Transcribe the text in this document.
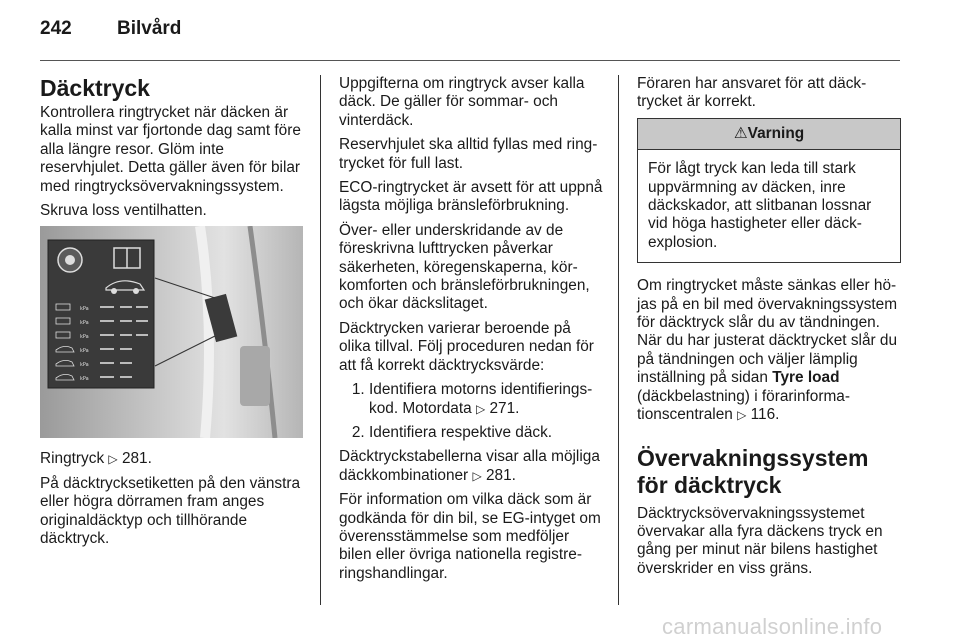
242 Bilvård
Däcktryck

Kontrollera ringtrycket när däcken är kalla minst var fjortonde dag samt före alla längre resor. Glöm inte reservhjulet. Detta gäller även för bilar med ringtrycksövervakningssystem.

Skruva loss ventilhatten.

kPa
kPa
kPa
kPa
kPa
kPa

Ringtryck ▷ 281.

På däcktrycksetiketten på den vänstra eller högra dörramen fram anges originaldäcktyp och tillhörande däcktryck.

Uppgifterna om ringtryck avser kalla däck. De gäller för sommar- och vinterdäck.

Reservhjulet ska alltid fyllas med ringtrycket för full last.

ECO-ringtrycket är avsett för att uppnå lägsta möjliga bränsleförbrukning.

Över- eller underskridande av de föreskrivna lufttrycken påverkar säkerheten, köregenskaperna, körkomforten och bränsleförbrukningen, och ökar däckslitaget.

Däcktrycken varierar beroende på olika tillval. Följ proceduren nedan för att få korrekt däcktrycksvärde:

1. Identifiera motorns identifieringskod. Motordata ▷ 271.
2. Identifiera respektive däck.

Däcktryckstabellerna visar alla möjliga däckkombinationer ▷ 281.

För information om vilka däck som är godkända för din bil, se EG-intyget om överensstämmelse som medföljer bilen eller övriga nationella registreringshandlingar.

Föraren har ansvaret för att däcktrycket är korrekt.

⚠Varning
För lågt tryck kan leda till stark uppvärmning av däcken, inre däckskador, att slitbanan lossnar vid höga hastigheter eller däckexplosion.

Om ringtrycket måste sänkas eller höjas på en bil med övervakningssystem för däcktryck slår du av tändningen. När du har justerat däcktrycket slår du på tändningen och väljer lämplig inställning på sidan Tyre load (däckbelastning) i förarinformationscentralen ▷ 116.

Övervakningssystem för däcktryck

Däcktrycksövervakningssystemet övervakar alla fyra däckens tryck en gång per minut när bilens hastighet överskrider en viss gräns.

carmanualsonline.info
